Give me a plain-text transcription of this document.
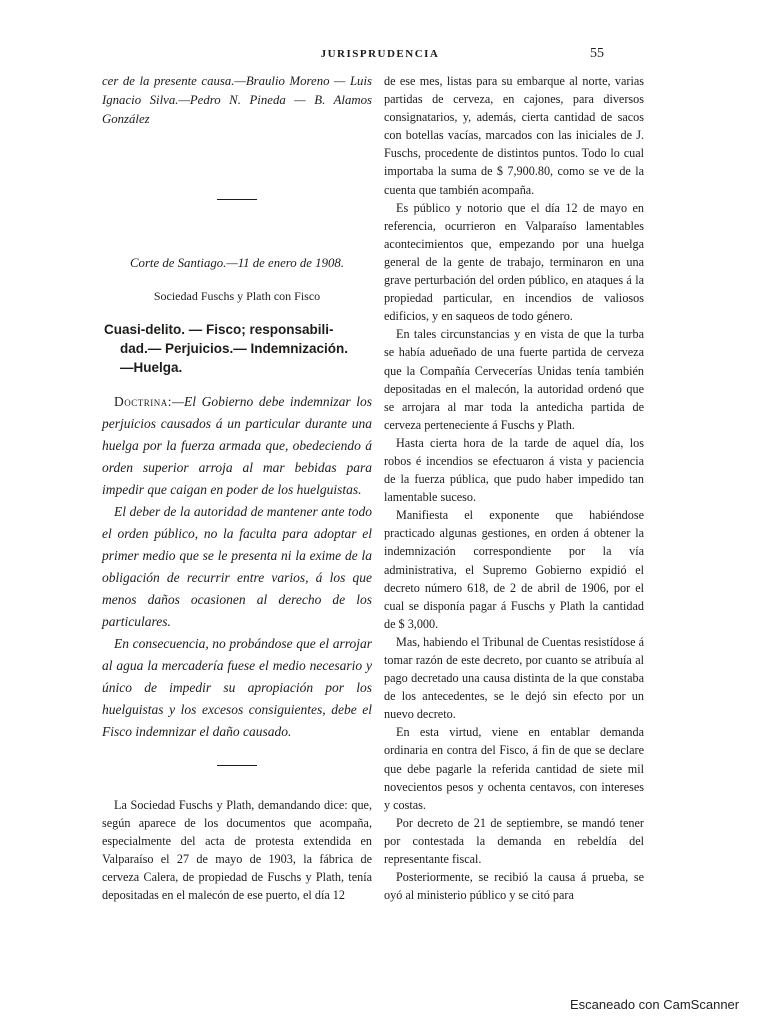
JURISPRUDENCIA	55

cer de la presente causa.—Braulio Moreno — Luis Ignacio Silva.—Pedro N. Pineda — B. Alamos González

Corte de Santiago.—11 de enero de 1908.

Sociedad Fuschs y Plath con Fisco

Cuasi-delito. — Fisco; responsabili-
dad.— Perjuicios.— Indemnización.
—Huelga.

Doctrina:—El Gobierno debe indemnizar los perjuicios causados á un particular durante una huelga por la fuerza armada que, obedeciendo á orden superior arroja al mar bebidas para impedir que caigan en poder de los huelguistas.

El deber de la autoridad de mantener ante todo el orden público, no la faculta para adoptar el primer medio que se le presenta ni la exime de la obligación de recurrir entre varios, á los que menos daños ocasionen al derecho de los particulares.

En consecuencia, no probándose que el arrojar al agua la mercadería fuese el medio necesario y único de impedir su apropiación por los huelguistas y los excesos consiguientes, debe el Fisco indemnizar el daño causado.

La Sociedad Fuschs y Plath, demandando dice: que, según aparece de los documentos que acompaña, especialmente del acta de protesta extendida en Valparaíso el 27 de mayo de 1903, la fábrica de cerveza Calera, de propiedad de Fuschs y Plath, tenía depositadas en el malecón de ese puerto, el día 12

de ese mes, listas para su embarque al norte, varias partidas de cerveza, en cajones, para diversos consignatarios, y, además, cierta cantidad de sacos con botellas vacías, marcados con las iniciales de J. Fuschs, procedente de distintos puntos. Todo lo cual importaba la suma de $ 7,900.80, como se ve de la cuenta que también acompaña.

Es público y notorio que el día 12 de mayo en referencia, ocurrieron en Valparaíso lamentables acontecimientos que, empezando por una huelga general de la gente de trabajo, terminaron en una grave perturbación del orden público, en ataques á la propiedad particular, en incendios de valiosos edificios, y en saqueos de todo género.

En tales circunstancias y en vista de que la turba se había adueñado de una fuerte partida de cerveza que la Compañía Cervecerías Unidas tenía también depositadas en el malecón, la autoridad ordenó que se arrojara al mar toda la antedicha partida de cerveza perteneciente á Fuschs y Plath.

Hasta cierta hora de la tarde de aquel día, los robos é incendios se efectuaron á vista y paciencia de la fuerza pública, que pudo haber impedido tan lamentable suceso.

Manifiesta el exponente que habiéndose practicado algunas gestiones, en orden á obtener la indemnización correspondiente por la vía administrativa, el Supremo Gobierno expidió el decreto número 618, de 2 de abril de 1906, por el cual se disponía pagar á Fuschs y Plath la cantidad de $ 3,000.

Mas, habiendo el Tribunal de Cuentas resistídose á tomar razón de este decreto, por cuanto se atribuía al pago decretado una causa distinta de la que constaba de los antecedentes, se le dejó sin efecto por un nuevo decreto.

En esta virtud, viene en entablar demanda ordinaria en contra del Fisco, á fin de que se declare que debe pagarle la referida cantidad de siete mil novecientos pesos y ochenta centavos, con intereses y costas.

Por decreto de 21 de septiembre, se mandó tener por contestada la demanda en rebeldía del representante fiscal.

Posteriormente, se recibió la causa á prueba, se oyó al ministerio público y se citó para

Escaneado con CamScanner
